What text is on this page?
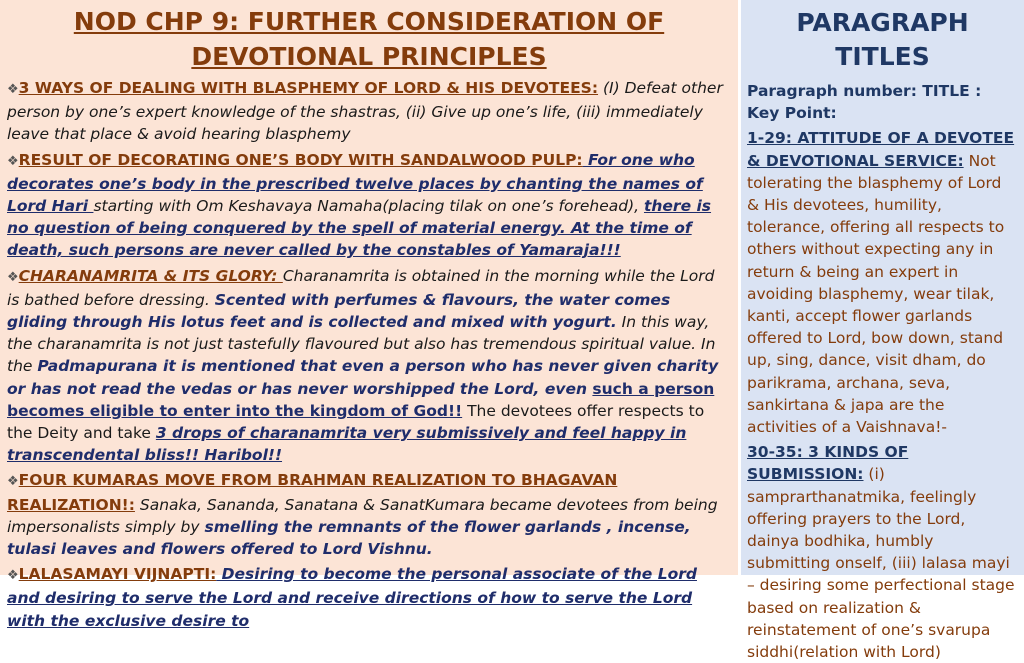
NOD CHP 9: FURTHER CONSIDERATION OF DEVOTIONAL PRINCIPLES
❖3 WAYS OF DEALING WITH BLASPHEMY OF LORD & HIS DEVOTEES: (I) Defeat other person by one’s expert knowledge of the shastras, (ii) Give up one’s life, (iii) immediately leave that place & avoid hearing blasphemy
❖RESULT OF DECORATING ONE’S BODY WITH SANDALWOOD PULP: For one who decorates one’s body in the prescribed twelve places by chanting the names of Lord Hari starting with Om Keshavaya Namaha(placing tilak on one’s forehead), there is no question of being conquered by the spell of material energy. At the time of death, such persons are never called by the constables of Yamaraja!!!
❖CHARANAMRITA & ITS GLORY: Charanamrita is obtained in the morning while the Lord is bathed before dressing. Scented with perfumes & flavours, the water comes gliding through His lotus feet and is collected and mixed with yogurt. In this way, the charanamrita is not just tastefully flavoured but also has tremendous spiritual value. In the Padmapurana it is mentioned that even a person who has never given charity or has not read the vedas or has never worshipped the Lord, even such a person becomes eligible to enter into the kingdom of God!! The devotees offer respects to the Deity and take 3 drops of charanamrita very submissively and feel happy in transcendental bliss!! Haribol!!
❖FOUR KUMARAS MOVE FROM BRAHMAN REALIZATION TO BHAGAVAN REALIZATION!: Sanaka, Sananda, Sanatana & SanatKumara became devotees from being impersonalists simply by smelling the remnants of the flower garlands , incense, tulasi leaves and flowers offered to Lord Vishnu.
❖LALASAMAYI VIJNAPTI: Desiring to become the personal associate of the Lord and desiring to serve the Lord and receive directions of how to serve the Lord with the exclusive desire to
PARAGRAPH TITLES
Paragraph number: TITLE : Key Point:
1-29: ATTITUDE OF A DEVOTEE & DEVOTIONAL SERVICE: Not tolerating the blasphemy of Lord & His devotees, humility, tolerance, offering all respects to others without expecting any in return & being an expert in avoiding blasphemy, wear tilak, kanti, accept flower garlands offered to Lord, bow down, stand up, sing, dance, visit dham, do parikrama, archana, seva, sankirtana & japa are the activities of a Vaishnava!-
30-35: 3 KINDS OF SUBMISSION: (i) samprarthanatmika, feelingly offering prayers to the Lord, dainya bodhika, humbly submitting onself, (iii) lalasa mayi – desiring some perfectional stage based on realization & reinstatement of one’s svarupa siddhi(relation with Lord)
